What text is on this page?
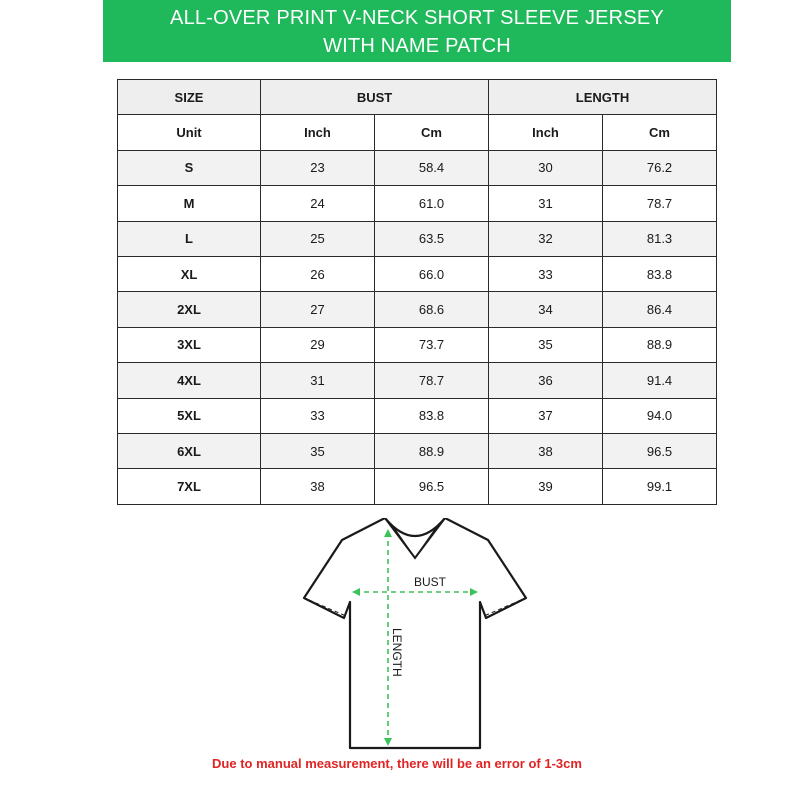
ALL-OVER PRINT V-NECK SHORT SLEEVE JERSEY
WITH NAME PATCH
SIZE	BUST		LENGTH	
Unit	Inch	Cm	Inch	Cm
S	23	58.4	30	76.2
M	24	61.0	31	78.7
L	25	63.5	32	81.3
XL	26	66.0	33	83.8
2XL	27	68.6	34	86.4
3XL	29	73.7	35	88.9
4XL	31	78.7	36	91.4
5XL	33	83.8	37	94.0
6XL	35	88.9	38	96.5
7XL	38	96.5	39	99.1
BUST
LENGTH
Due to manual measurement, there will be an error of 1-3cm
